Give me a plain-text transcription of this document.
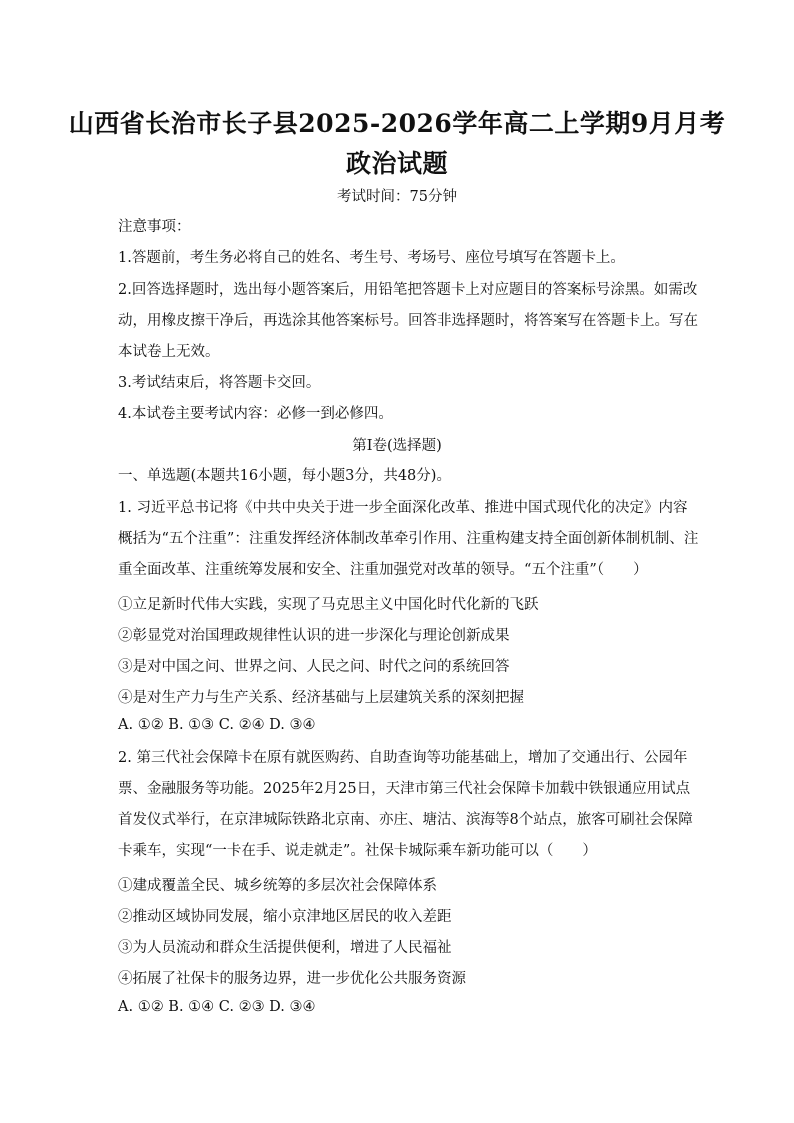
山西省长治市长子县2025-2026学年高二上学期9月月考
政治试题
考试时间：75分钟
注意事项：
1.答题前，考生务必将自己的姓名、考生号、考场号、座位号填写在答题卡上。
2.回答选择题时，选出每小题答案后，用铅笔把答题卡上对应题目的答案标号涂黑。如需改
动，用橡皮擦干净后，再选涂其他答案标号。回答非选择题时，将答案写在答题卡上。写在
本试卷上无效。
3.考试结束后，将答题卡交回。
4.本试卷主要考试内容：必修一到必修四。
第Ⅰ卷(选择题)
一、单选题(本题共16小题，每小题3分，共48分)。
1. 习近平总书记将《中共中央关于进一步全面深化改革、推进中国式现代化的决定》内容
概括为“五个注重”：注重发挥经济体制改革牵引作用、注重构建支持全面创新体制机制、注
重全面改革、注重统筹发展和安全、注重加强党对改革的领导。“五个注重”（　　）
①立足新时代伟大实践，实现了马克思主义中国化时代化新的飞跃
②彰显党对治国理政规律性认识的进一步深化与理论创新成果
③是对中国之问、世界之问、人民之问、时代之问的系统回答
④是对生产力与生产关系、经济基础与上层建筑关系的深刻把握
A. ①② B. ①③ C. ②④ D. ③④
2. 第三代社会保障卡在原有就医购药、自助查询等功能基础上，增加了交通出行、公园年
票、金融服务等功能。2025年2月25日，天津市第三代社会保障卡加载中铁银通应用试点
首发仪式举行，在京津城际铁路北京南、亦庄、塘沽、滨海等8个站点，旅客可刷社会保障
卡乘车，实现“一卡在手、说走就走”。社保卡城际乘车新功能可以（　　）
①建成覆盖全民、城乡统筹的多层次社会保障体系
②推动区域协同发展，缩小京津地区居民的收入差距
③为人员流动和群众生活提供便利，增进了人民福祉
④拓展了社保卡的服务边界，进一步优化公共服务资源
A. ①② B. ①④ C. ②③ D. ③④
